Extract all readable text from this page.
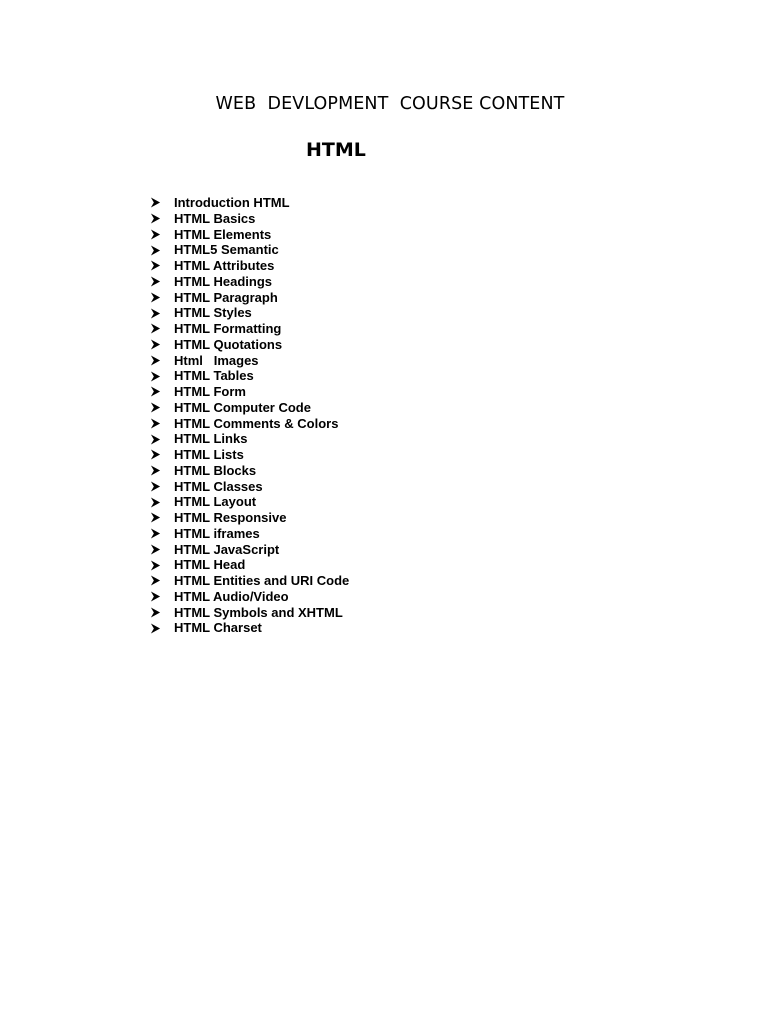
WEB  DEVLOPMENT  COURSE CONTENT
HTML
Introduction HTML
HTML Basics
HTML Elements
HTML5 Semantic
HTML Attributes
HTML Headings
HTML Paragraph
HTML Styles
HTML Formatting
HTML Quotations
Html   Images
HTML Tables
HTML Form
HTML Computer Code
HTML Comments & Colors
HTML Links
HTML Lists
HTML Blocks
HTML Classes
HTML Layout
HTML Responsive
HTML iframes
HTML JavaScript
HTML Head
HTML Entities and URI Code
HTML Audio/Video
HTML Symbols and XHTML
HTML Charset
